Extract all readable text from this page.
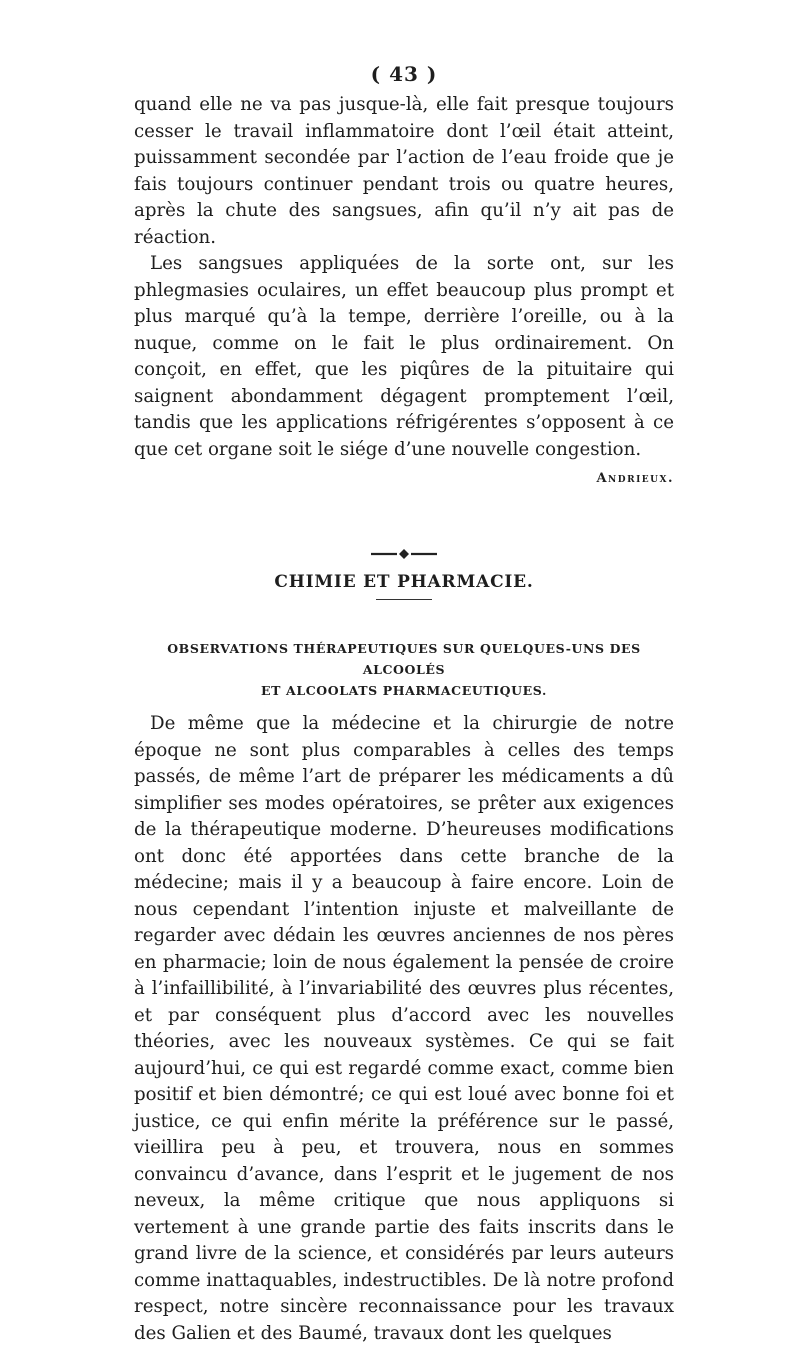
( 43 )

quand elle ne va pas jusque-là, elle fait presque toujours cesser le travail inflammatoire dont l’œil était atteint, puissamment secondée par l’action de l’eau froide que je fais toujours continuer pendant trois ou quatre heures, après la chute des sangsues, afin qu’il n’y ait pas de réaction.

Les sangsues appliquées de la sorte ont, sur les phlegmasies oculaires, un effet beaucoup plus prompt et plus marqué qu’à la tempe, derrière l’oreille, ou à la nuque, comme on le fait le plus ordinairement. On conçoit, en effet, que les piqûres de la pituitaire qui saignent abondamment dégagent promptement l’œil, tandis que les applications réfrigérentes s’opposent à ce que cet organe soit le siége d’une nouvelle congestion.

Andrieux.
CHIMIE ET PHARMACIE.
OBSERVATIONS THÉRAPEUTIQUES SUR QUELQUES-UNS DES ALCOOLÉS
ET ALCOOLATS PHARMACEUTIQUES.

De même que la médecine et la chirurgie de notre époque ne sont plus comparables à celles des temps passés, de même l’art de préparer les médicaments a dû simplifier ses modes opératoires, se prêter aux exigences de la thérapeutique moderne. D’heureuses modifications ont donc été apportées dans cette branche de la médecine; mais il y a beaucoup à faire encore. Loin de nous cependant l’intention injuste et malveillante de regarder avec dédain les œuvres anciennes de nos pères en pharmacie; loin de nous également la pensée de croire à l’infaillibilité, à l’invariabilité des œuvres plus récentes, et par conséquent plus d’accord avec les nouvelles théories, avec les nouveaux systèmes. Ce qui se fait aujourd’hui, ce qui est regardé comme exact, comme bien positif et bien démontré; ce qui est loué avec bonne foi et justice, ce qui enfin mérite la préférence sur le passé, vieillira peu à peu, et trouvera, nous en sommes convaincu d’avance, dans l’esprit et le jugement de nos neveux, la même critique que nous appliquons si vertement à une grande partie des faits inscrits dans le grand livre de la science, et considérés par leurs auteurs comme inattaquables, indestructibles. De là notre profond respect, notre sincère reconnaissance pour les travaux des Galien et des Baumé, travaux dont les quelques
